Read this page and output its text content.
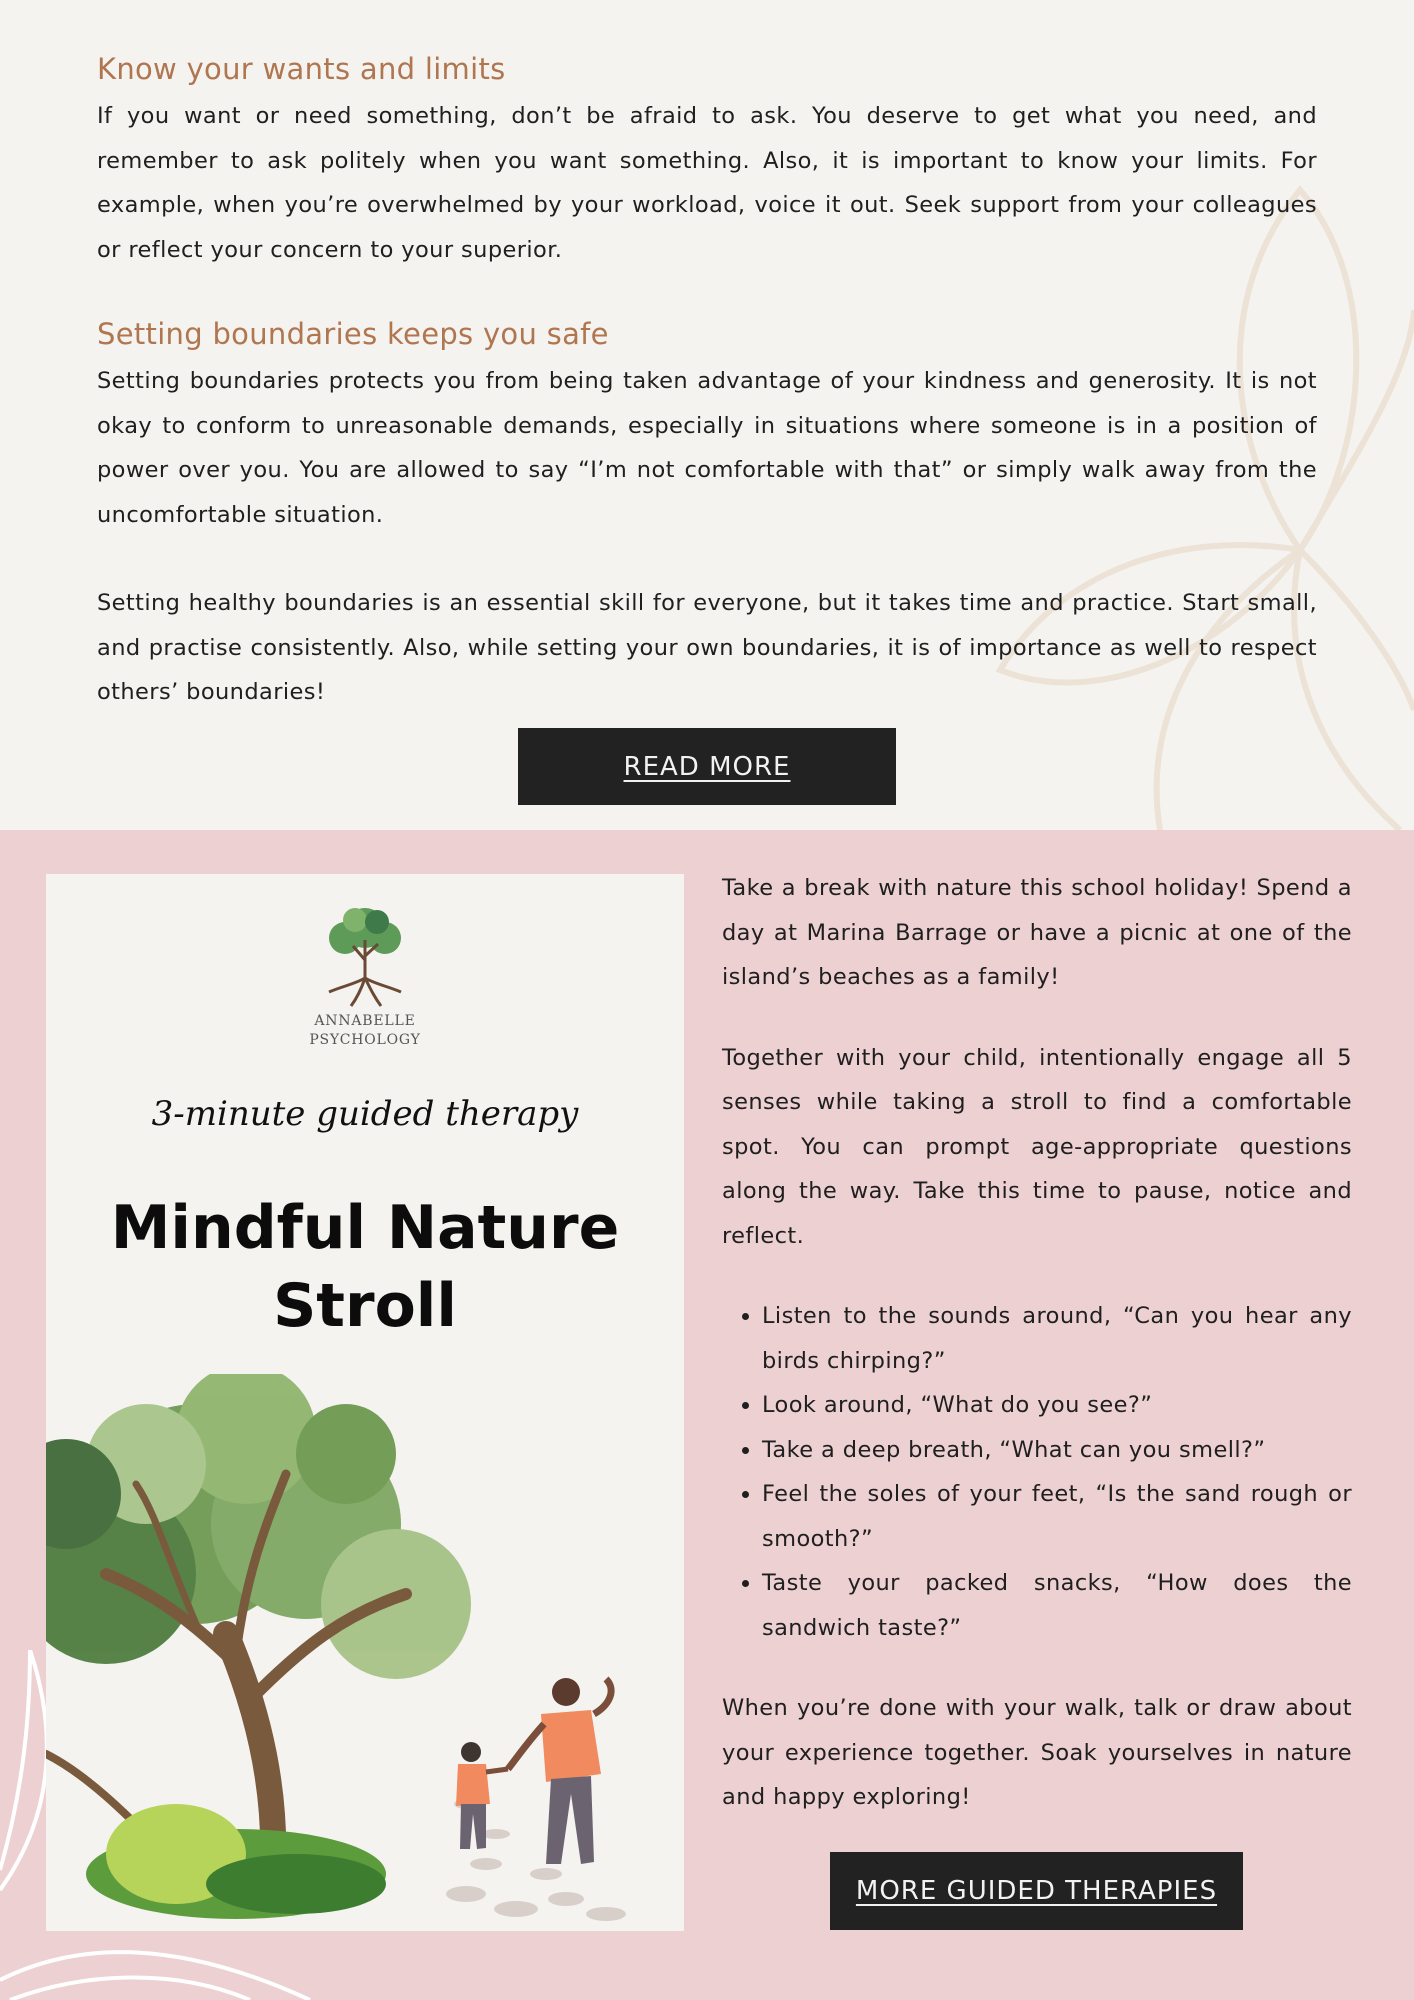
Know your wants and limits

If you want or need something, don’t be afraid to ask. You deserve to get what you need, and remember to ask politely when you want something. Also, it is important to know your limits. For example, when you’re overwhelmed by your workload, voice it out. Seek support from your colleagues or reflect your concern to your superior.

Setting boundaries keeps you safe

Setting boundaries protects you from being taken advantage of your kindness and generosity. It is not okay to conform to unreasonable demands, especially in situations where someone is in a position of power over you. You are allowed to say “I’m not comfortable with that” or simply walk away from the uncomfortable situation.

Setting healthy boundaries is an essential skill for everyone, but it takes time and practice. Start small, and practise consistently. Also, while setting your own boundaries, it is of importance as well to respect others’ boundaries!

READ MORE
ANNABELLE
PSYCHOLOGY
3-minute guided therapy
Mindful Nature
Stroll

Take a break with nature this school holiday! Spend a day at Marina Barrage or have a picnic at one of the island’s beaches as a family!

Together with your child, intentionally engage all 5 senses while taking a stroll to find a comfortable spot. You can prompt age-appropriate questions along the way. Take this time to pause, notice and reflect.

• Listen to the sounds around, “Can you hear any birds chirping?”
• Look around, “What do you see?”
• Take a deep breath, “What can you smell?”
• Feel the soles of your feet, “Is the sand rough or smooth?”
• Taste your packed snacks, “How does the sandwich taste?”

When you’re done with your walk, talk or draw about your experience together. Soak yourselves in nature and happy exploring!

MORE GUIDED THERAPIES
